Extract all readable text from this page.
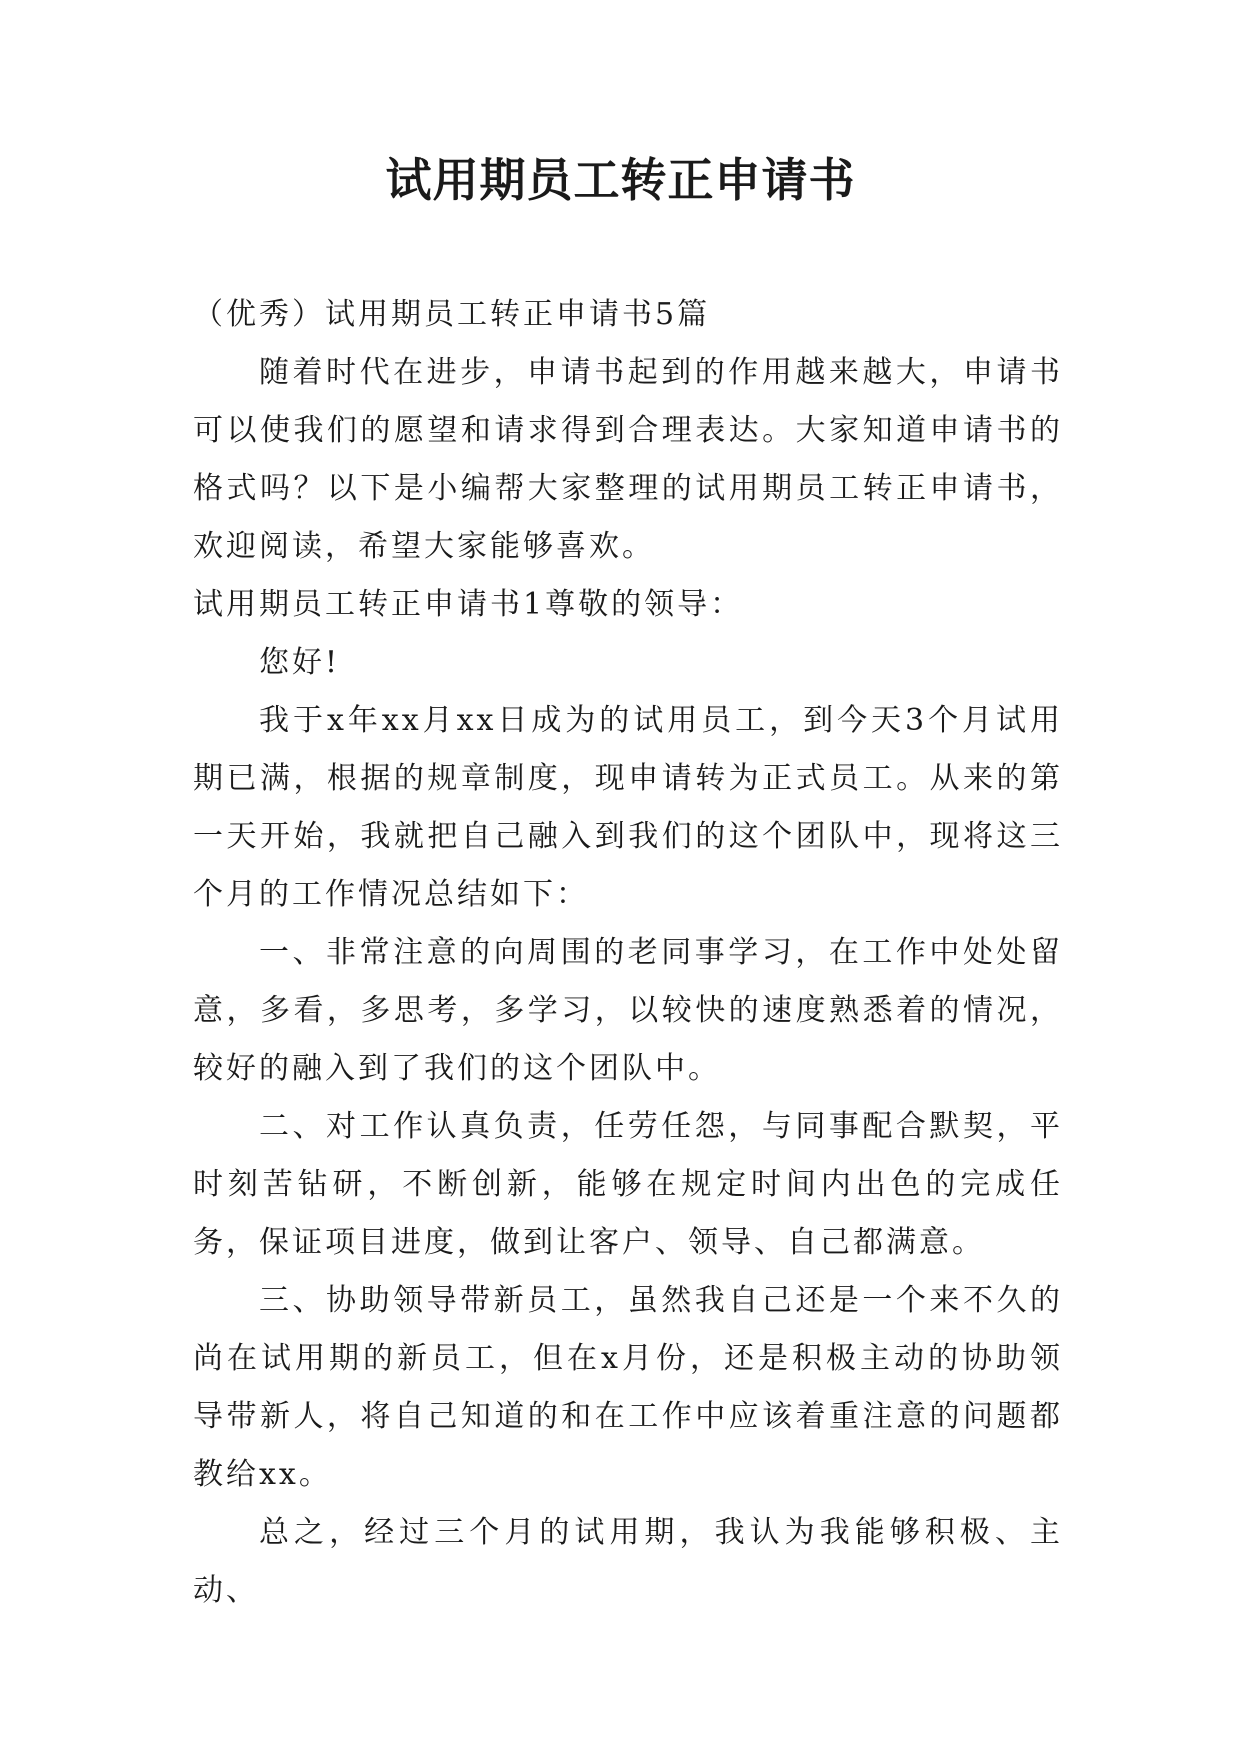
试用期员工转正申请书

（优秀）试用期员工转正申请书5篇

随着时代在进步，申请书起到的作用越来越大，申请书可以使我们的愿望和请求得到合理表达。大家知道申请书的格式吗？以下是小编帮大家整理的试用期员工转正申请书，欢迎阅读，希望大家能够喜欢。

试用期员工转正申请书1尊敬的领导：

您好!

我于x年xx月xx日成为的试用员工，到今天3个月试用期已满，根据的规章制度，现申请转为正式员工。从来的第一天开始，我就把自己融入到我们的这个团队中，现将这三个月的工作情况总结如下：

一、非常注意的向周围的老同事学习，在工作中处处留意，多看，多思考，多学习，以较快的速度熟悉着的情况，较好的融入到了我们的这个团队中。

二、对工作认真负责，任劳任怨，与同事配合默契，平时刻苦钻研，不断创新，能够在规定时间内出色的完成任务，保证项目进度，做到让客户、领导、自己都满意。

三、协助领导带新员工，虽然我自己还是一个来不久的尚在试用期的新员工，但在x月份，还是积极主动的协助领导带新人，将自己知道的和在工作中应该着重注意的问题都教给xx。

总之，经过三个月的试用期，我认为我能够积极、主动、
